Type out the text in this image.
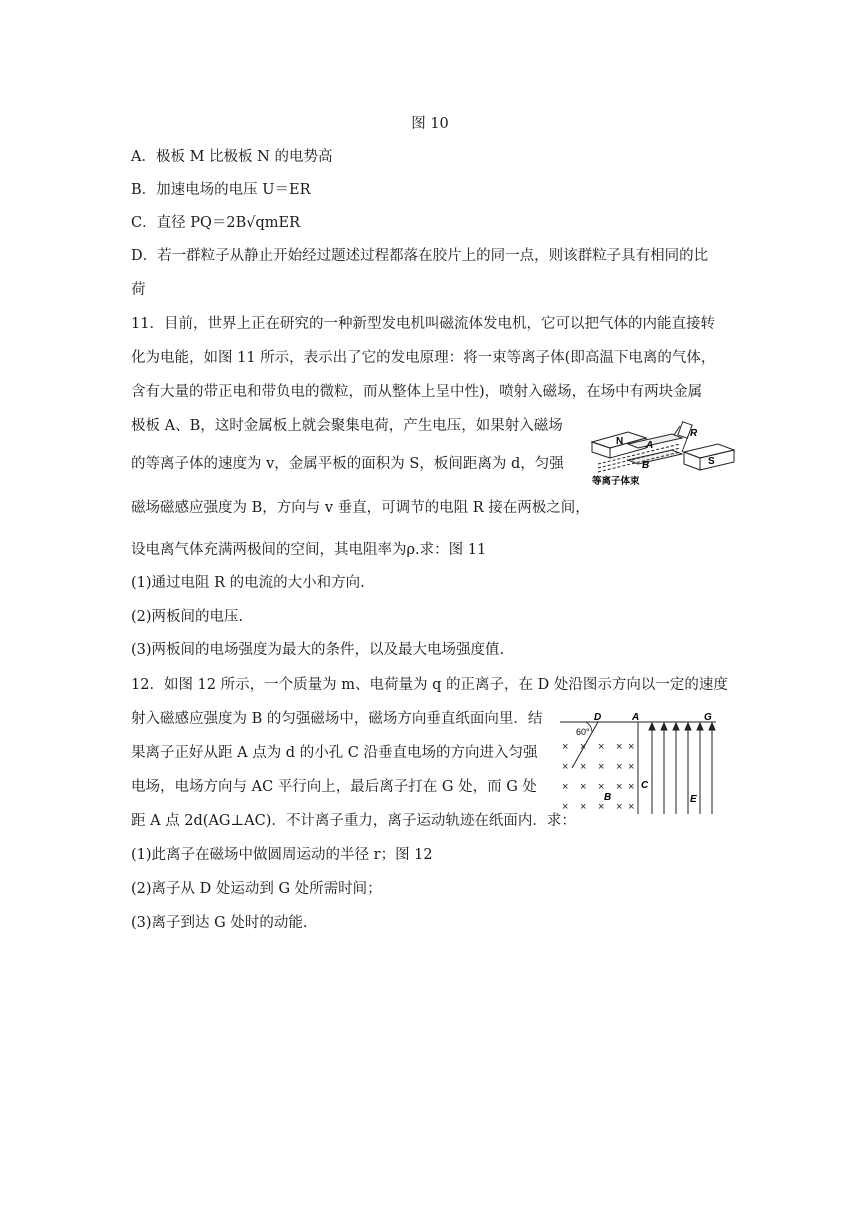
图 10
A．极板 M 比极板 N 的电势高
B．加速电场的电压 U＝ER
C．直径 PQ＝2B√qmER
D．若一群粒子从静止开始经过题述过程都落在胶片上的同一点，则该群粒子具有相同的比
荷
11．目前，世界上正在研究的一种新型发电机叫磁流体发电机，它可以把气体的内能直接转
化为电能，如图 11 所示，表示出了它的发电原理：将一束等离子体(即高温下电离的气体，
含有大量的带正电和带负电的微粒，而从整体上呈中性)，喷射入磁场，在场中有两块金属
极板 A、B，这时金属板上就会聚集电荷，产生电压，如果射入磁场
的等离子体的速度为 v，金属平板的面积为 S，板间距离为 d，匀强
磁场磁感应强度为 B，方向与 v 垂直，可调节的电阻 R 接在两极之间，
设电离气体充满两极间的空间，其电阻率为ρ.求：图 11
(1)通过电阻 R 的电流的大小和方向.
(2)两板间的电压.
(3)两板间的电场强度为最大的条件，以及最大电场强度值.
N A
B
R
S
等离子体束
12．如图 12 所示，一个质量为 m、电荷量为 q 的正离子，在 D 处沿图示方向以一定的速度
射入磁感应强度为 B 的匀强磁场中，磁场方向垂直纸面向里．结
果离子正好从距 A 点为 d 的小孔 C 沿垂直电场的方向进入匀强
电场，电场方向与 AC 平行向上，最后离子打在 G 处，而 G 处
距 A 点 2d(AG⊥AC)．不计离子重力，离子运动轨迹在纸面内．求：
(1)此离子在磁场中做圆周运动的半径 r；图 12
(2)离子从 D 处运动到 G 处所需时间；
(3)离子到达 G 处时的动能.
D	A	G
60°
× × × × ×
× × × × ×
× × × × ×
× × × × ×
B
C
E
